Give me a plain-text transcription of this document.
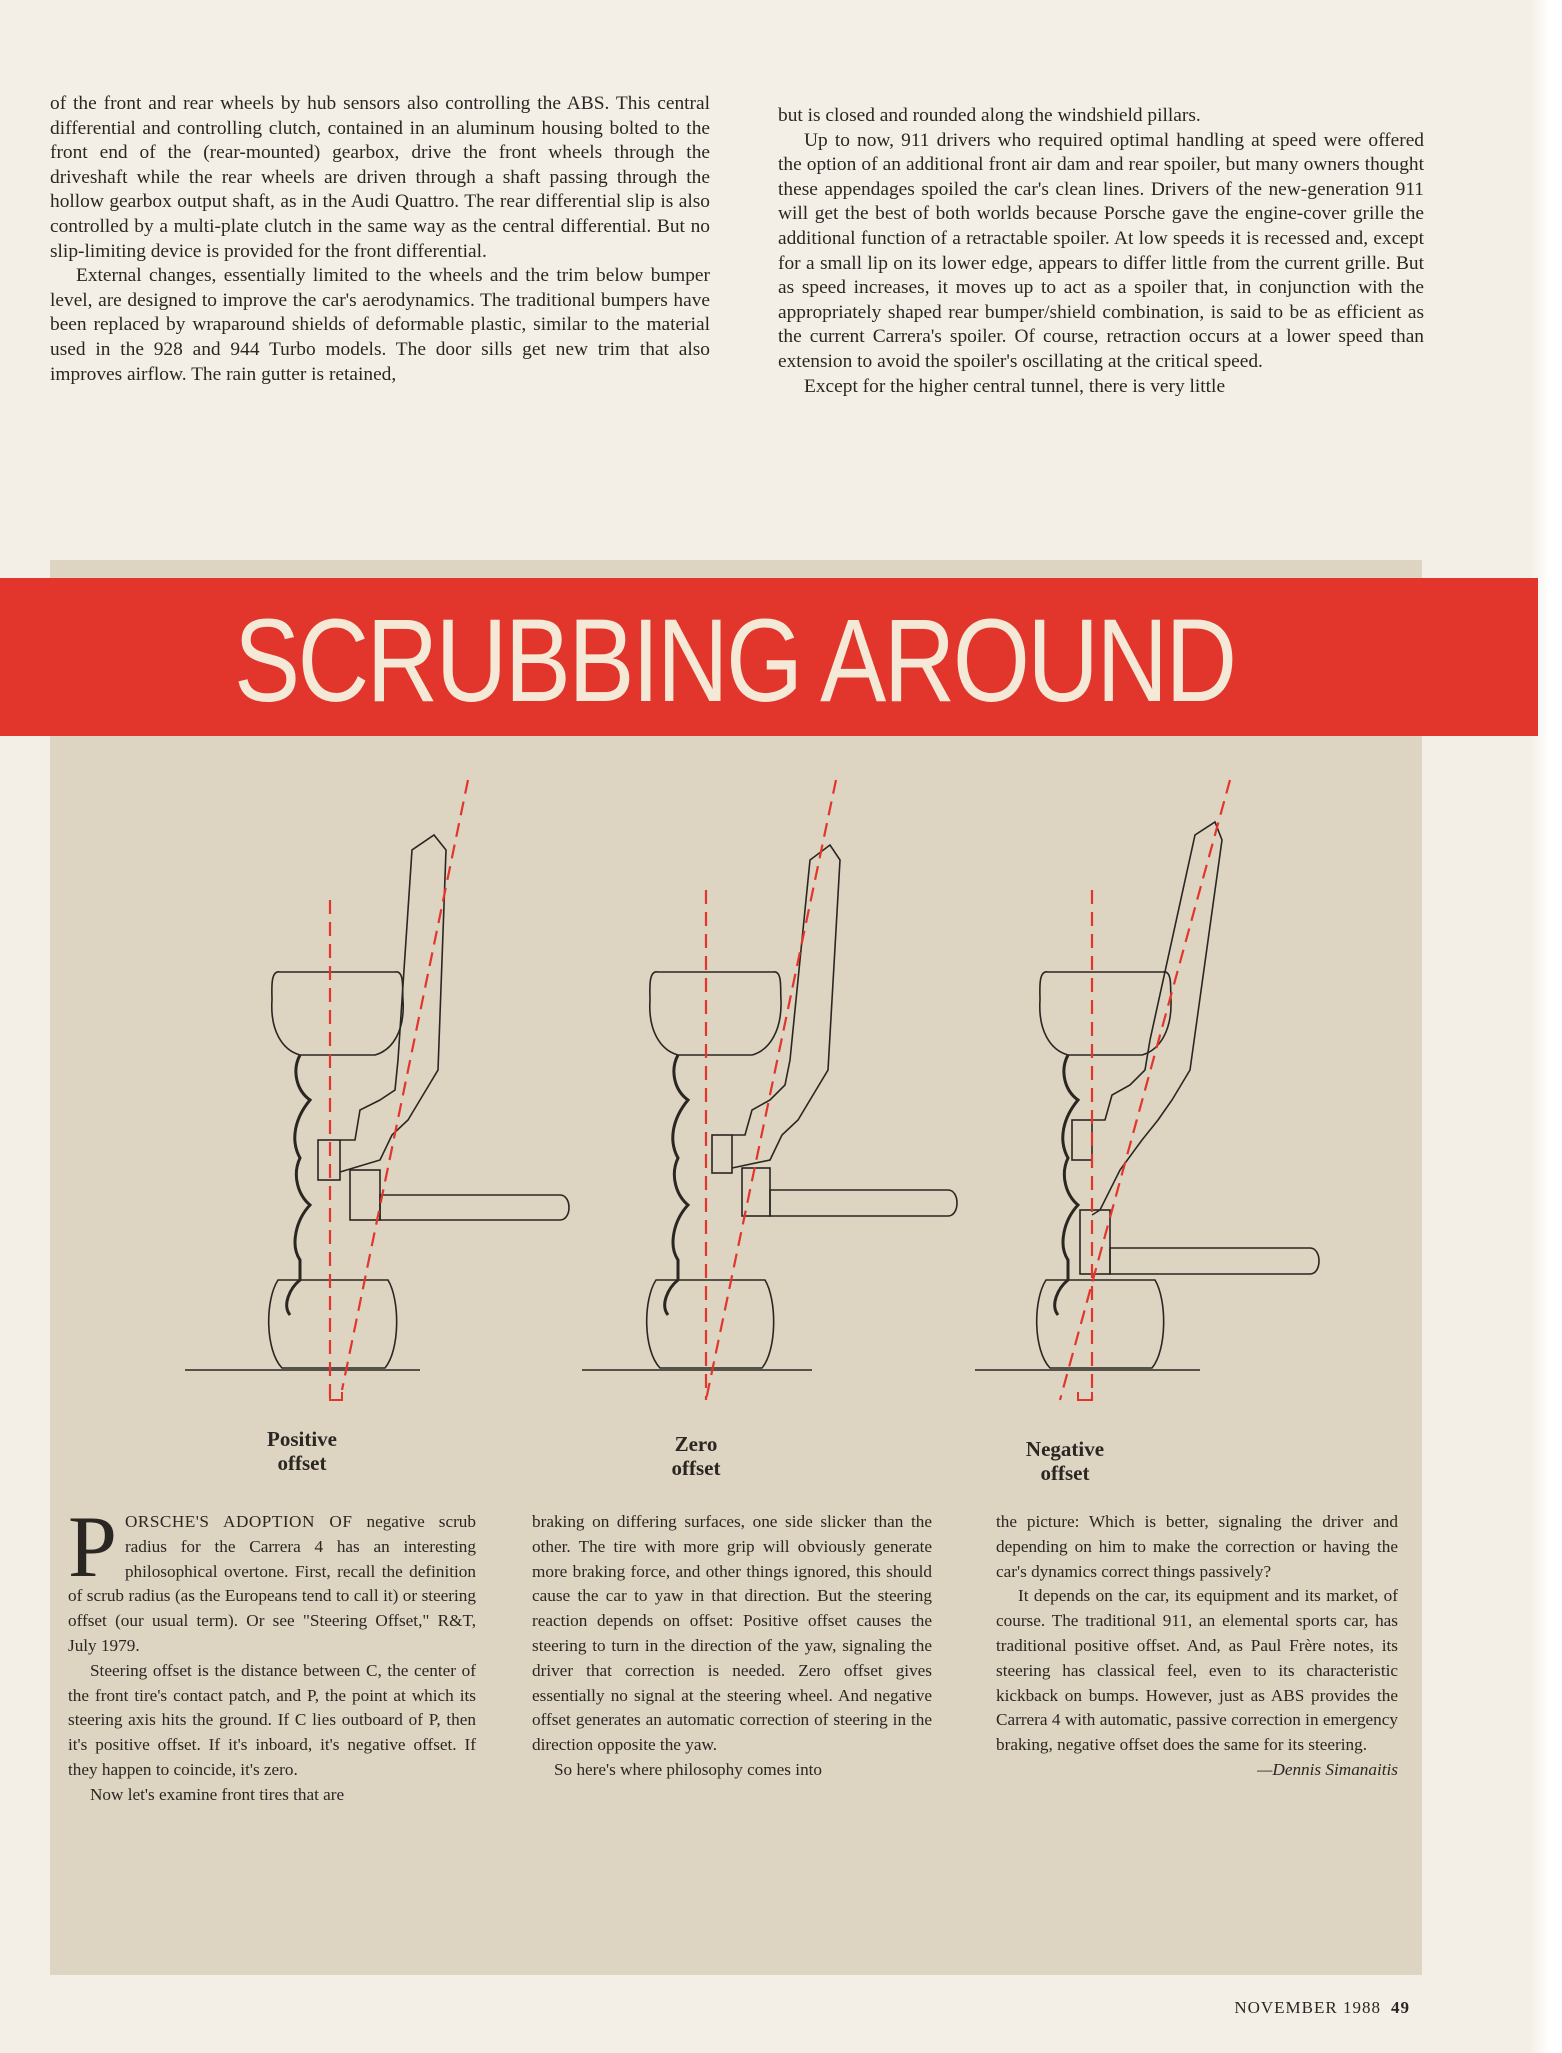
of the front and rear wheels by hub sensors also controlling the ABS. This central differential and controlling clutch, contained in an aluminum housing bolted to the front end of the (rear-mounted) gearbox, drive the front wheels through the driveshaft while the rear wheels are driven through a shaft passing through the hollow gearbox output shaft, as in the Audi Quattro. The rear differential slip is also controlled by a multi-plate clutch in the same way as the central differential. But no slip-limiting device is provided for the front differential.

External changes, essentially limited to the wheels and the trim below bumper level, are designed to improve the car's aerodynamics. The traditional bumpers have been replaced by wraparound shields of deformable plastic, similar to the material used in the 928 and 944 Turbo models. The door sills get new trim that also improves airflow. The rain gutter is retained,

but is closed and rounded along the windshield pillars.

Up to now, 911 drivers who required optimal handling at speed were offered the option of an additional front air dam and rear spoiler, but many owners thought these appendages spoiled the car's clean lines. Drivers of the new-generation 911 will get the best of both worlds because Porsche gave the engine-cover grille the additional function of a retractable spoiler. At low speeds it is recessed and, except for a small lip on its lower edge, appears to differ little from the current grille. But as speed increases, it moves up to act as a spoiler that, in conjunction with the appropriately shaped rear bumper/shield combination, is said to be as efficient as the current Carrera's spoiler. Of course, retraction occurs at a lower speed than extension to avoid the spoiler's oscillating at the critical speed.

Except for the higher central tunnel, there is very little

SCRUBBING AROUND
Positive
offset
Zero
offset
Negative
offset

PORSCHE'S ADOPTION OF negative scrub radius for the Carrera 4 has an interesting philosophical overtone. First, recall the definition of scrub radius (as the Europeans tend to call it) or steering offset (our usual term). Or see "Steering Offset," R&T, July 1979.

Steering offset is the distance between C, the center of the front tire's contact patch, and P, the point at which its steering axis hits the ground. If C lies outboard of P, then it's positive offset. If it's inboard, it's negative offset. If they happen to coincide, it's zero.

Now let's examine front tires that are

braking on differing surfaces, one side slicker than the other. The tire with more grip will obviously generate more braking force, and other things ignored, this should cause the car to yaw in that direction. But the steering reaction depends on offset: Positive offset causes the steering to turn in the direction of the yaw, signaling the driver that correction is needed. Zero offset gives essentially no signal at the steering wheel. And negative offset generates an automatic correction of steering in the direction opposite the yaw.

So here's where philosophy comes into

the picture: Which is better, signaling the driver and depending on him to make the correction or having the car's dynamics correct things passively?

It depends on the car, its equipment and its market, of course. The traditional 911, an elemental sports car, has traditional positive offset. And, as Paul Frère notes, its steering has classical feel, even to its characteristic kickback on bumps. However, just as ABS provides the Carrera 4 with automatic, passive correction in emergency braking, negative offset does the same for its steering.

—Dennis Simanaitis

NOVEMBER 1988 49
